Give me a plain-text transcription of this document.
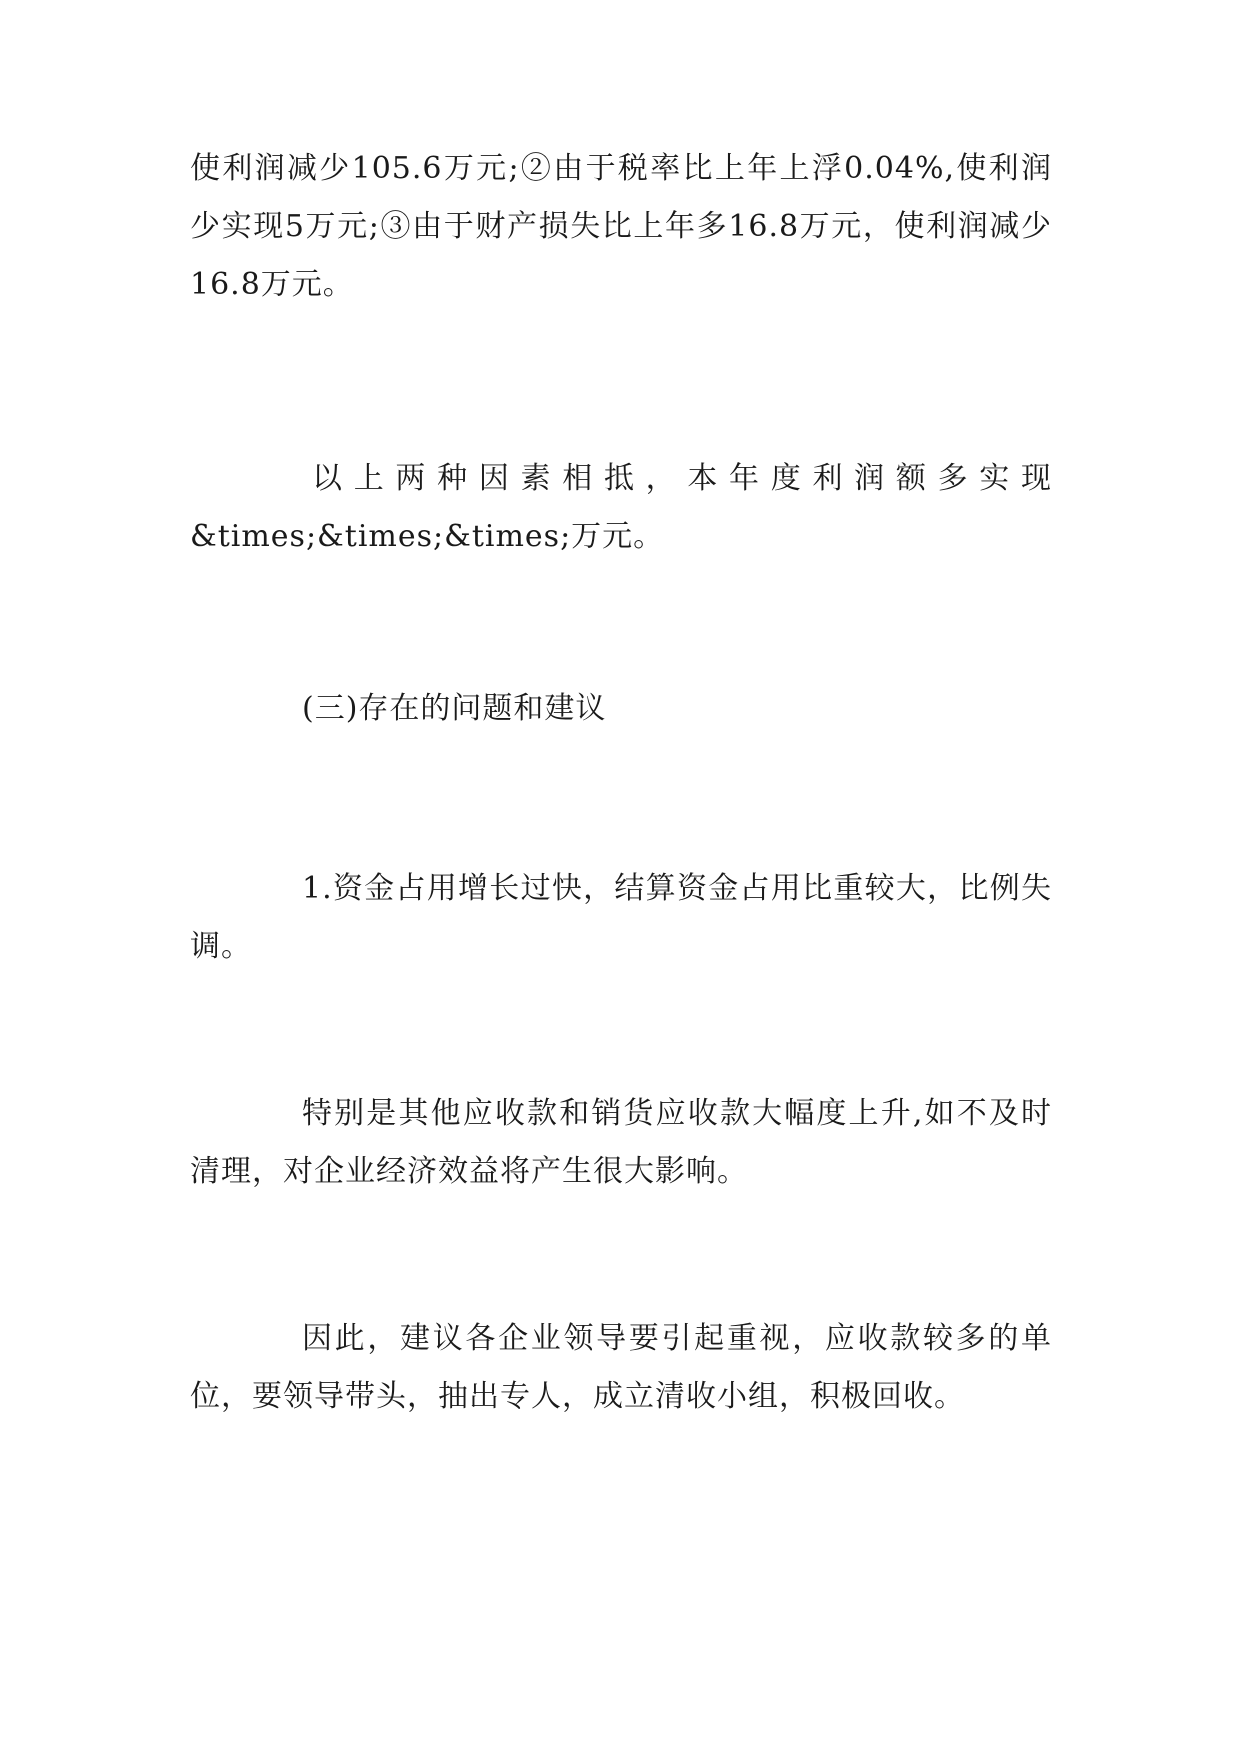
使利润减少105.6万元;②由于税率比上年上浮0.04%,使利润少实现5万元;③由于财产损失比上年多16.8万元，使利润减少16.8万元。

以上两种因素相抵，本年度利润额多实现
&times;&times;&times;万元。

(三)存在的问题和建议

1.资金占用增长过快，结算资金占用比重较大，比例失调。

特别是其他应收款和销货应收款大幅度上升,如不及时清理，对企业经济效益将产生很大影响。

因此，建议各企业领导要引起重视，应收款较多的单位，要领导带头，抽出专人，成立清收小组，积极回收。
